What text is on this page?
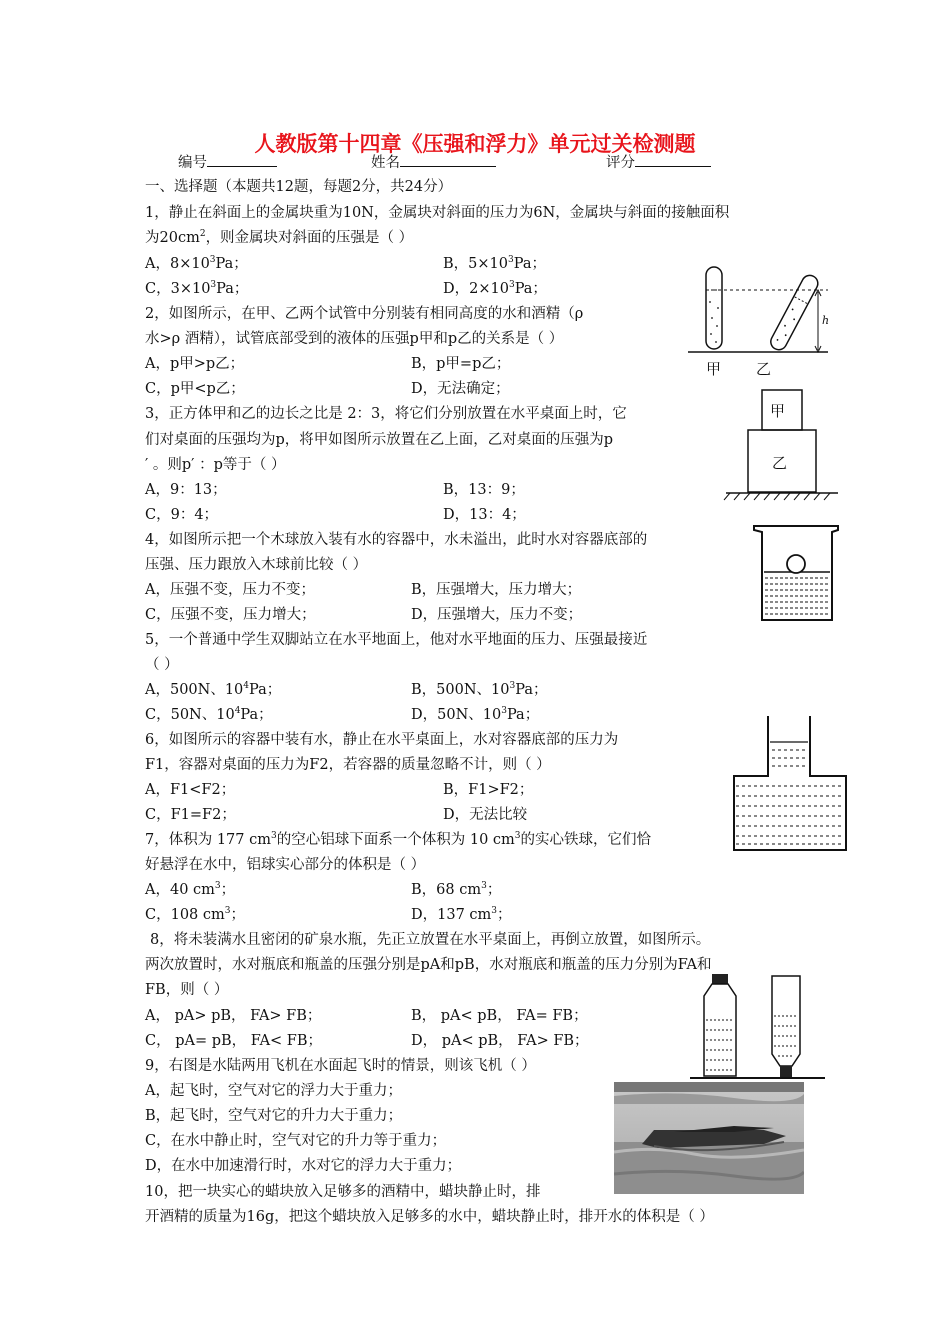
人教版第十四章《压强和浮力》单元过关检测题
编号	姓名	评分
一、选择题（本题共12题，每题2分，共24分）
1，静止在斜面上的金属块重为10N，金属块对斜面的压力为6N，金属块与斜面的接触面积
为$20cm^2$，则金属块对斜面的压强是（ ）
A，$8\times 10^3Pa$；	B，$5\times 10^3Pa$；
C，$3\times 10^3Pa$；	D，$2\times 10^3Pa$；
h
甲 乙
2，如图所示，在甲、乙两个试管中分别装有相同高度的水和酒精（ρ
水>ρ 酒精），试管底部受到的液体的压强p甲和p乙的关系是（ ）
A，p甲>p乙；	B，p甲=p乙；
C，p甲<p乙；	D，无法确定；
甲
乙
3，正方体甲和乙的边长之比是 2：3，将它们分别放置在水平桌面上时，它
们对桌面的压强均为p，将甲如图所示放置在乙上面，乙对桌面的压强为p
′ 。则p′ ：p等于（ ）
A，9：13；	B，13：9；
C，9：4；	D，13：4；
4，如图所示把一个木球放入装有水的容器中，水未溢出，此时水对容器底部的
压强、压力跟放入木球前比较（ ）
A，压强不变，压力不变；	B，压强增大，压力增大；
C，压强不变，压力增大；	D，压强增大，压力不变；
5，一个普通中学生双脚站立在水平地面上，他对水平地面的压力、压强最接近
（ ）
A，500N、$10^4Pa$；	B，500N、$10^3Pa$；
C，50N、$10^4Pa$；	D，50N、$10^3Pa$；
6，如图所示的容器中装有水，静止在水平桌面上，水对容器底部的压力为
F1，容器对桌面的压力为F2，若容器的质量忽略不计，则（ ）
A，F1<F2；	B，F1>F2；
C，F1=F2；	D，无法比较
7，体积为 177 $cm^3$的空心铝球下面系一个体积为 10 $cm^3$的实心铁球，它们恰
好悬浮在水中，铝球实心部分的体积是（ ）
A，40 $cm^3$；	B，68 $cm^3$；
C，108 $cm^3$；	D，137 $cm^3$；
8，将未装满水且密闭的矿泉水瓶，先正立放置在水平桌面上，再倒立放置，如图所示。
两次放置时，水对瓶底和瓶盖的压强分别是pA和pB，水对瓶底和瓶盖的压力分别为FA和
FB，则（ ）
A， pA> pB， FA> FB；	B， pA< pB， FA= FB；
C， pA= pB， FA< FB；	D， pA< pB， FA> FB；
9，右图是水陆两用飞机在水面起飞时的情景，则该飞机（ ）
A，起飞时，空气对它的浮力大于重力；
B，起飞时，空气对它的升力大于重力；
C，在水中静止时，空气对它的升力等于重力；
D，在水中加速滑行时，水对它的浮力大于重力；
10，把一块实心的蜡块放入足够多的酒精中，蜡块静止时，排
开酒精的质量为16g，把这个蜡块放入足够多的水中，蜡块静止时，排开水的体积是（ ）
